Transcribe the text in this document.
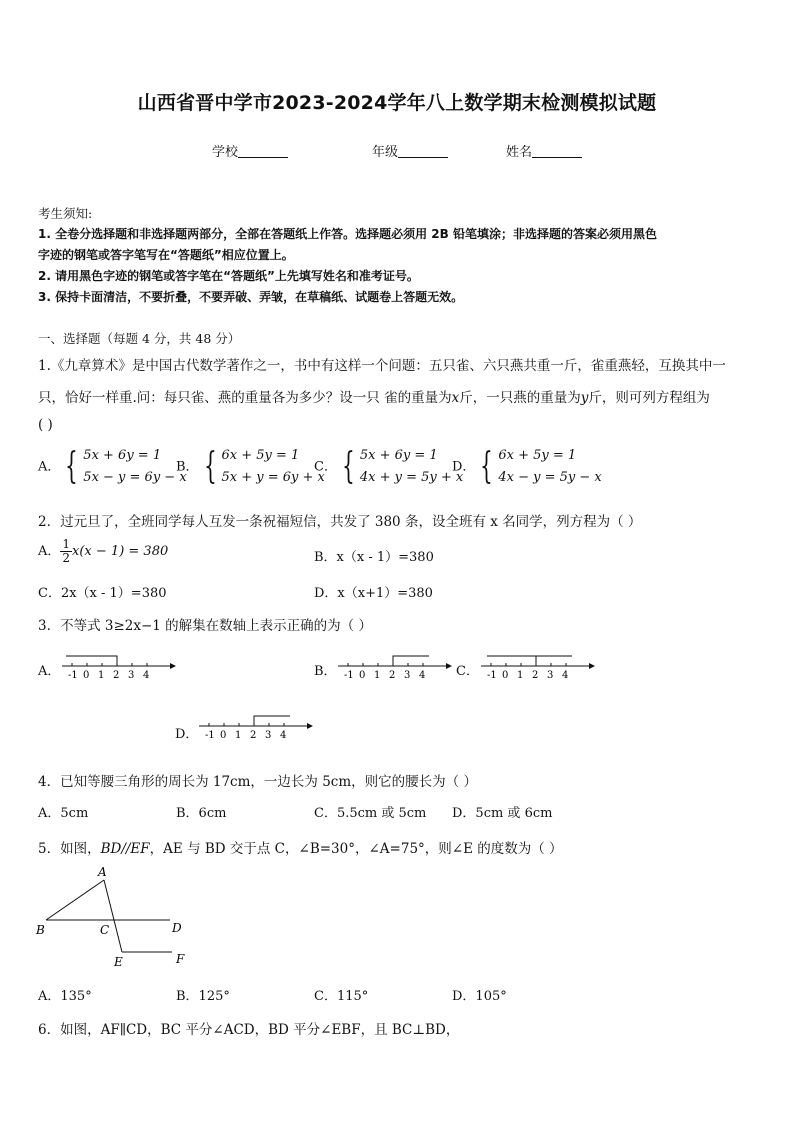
山西省晋中学市2023-2024学年八上数学期末检测模拟试题
学校	年级	姓名
考生须知:
1. 全卷分选择题和非选择题两部分，全部在答题纸上作答。选择题必须用 2B 铅笔填涂；非选择题的答案必须用黑色
字迹的钢笔或答字笔写在“答题纸”相应位置上。
2. 请用黑色字迹的钢笔或答字笔在“答题纸”上先填写姓名和准考证号。
3. 保持卡面清洁，不要折叠，不要弄破、弄皱，在草稿纸、试题卷上答题无效。
一、选择题（每题 4 分，共 48 分）
1.《九章算术》是中国古代数学著作之一，书中有这样一个问题：五只雀、六只燕共重一斤，雀重燕轻，互换其中一
只，恰好一样重.问：每只雀、燕的重量各为多少？设一只 雀的重量为x斤，一只燕的重量为y斤，则可列方程组为
( )
A． { 5x + 6y = 1
5x − y = 6y − x
B． { 6x + 5y = 1
5x + y = 6y + x
C． { 5x + 6y = 1
4x + y = 5y + x
D． { 6x + 5y = 1
4x − y = 5y − x
2．过元旦了，全班同学每人互发一条祝福短信，共发了 380 条，设全班有 x 名同学，列方程为（ ）
A． $\frac{1}{2} x(x - 1) = 380$	B．x（x - 1）=380
C．2x（x - 1）=380	D．x（x+1）=380
3．不等式 3≥2x−1 的解集在数轴上表示正确的为（ ）
A． -1 0 1 2 3 4	B． -1 0 1 2 3 4 C． -1 0 1 2 3 4
D． -1 0 1 2 3 4
4．已知等腰三角形的周长为 17cm，一边长为 5cm，则它的腰长为（ ）
A．5cm	B．6cm	C．5.5cm 或 5cm D．5cm 或 6cm
5．如图，BD//EF，AE 与 BD 交于点 C，∠B=30°，∠A=75°，则∠E 的度数为（ ）
A
B	C	D
E	F
A．135°	B．125°	C．115°	D．105°
6．如图，AF∥CD，BC 平分∠ACD，BD 平分∠EBF，且 BC⊥BD，
